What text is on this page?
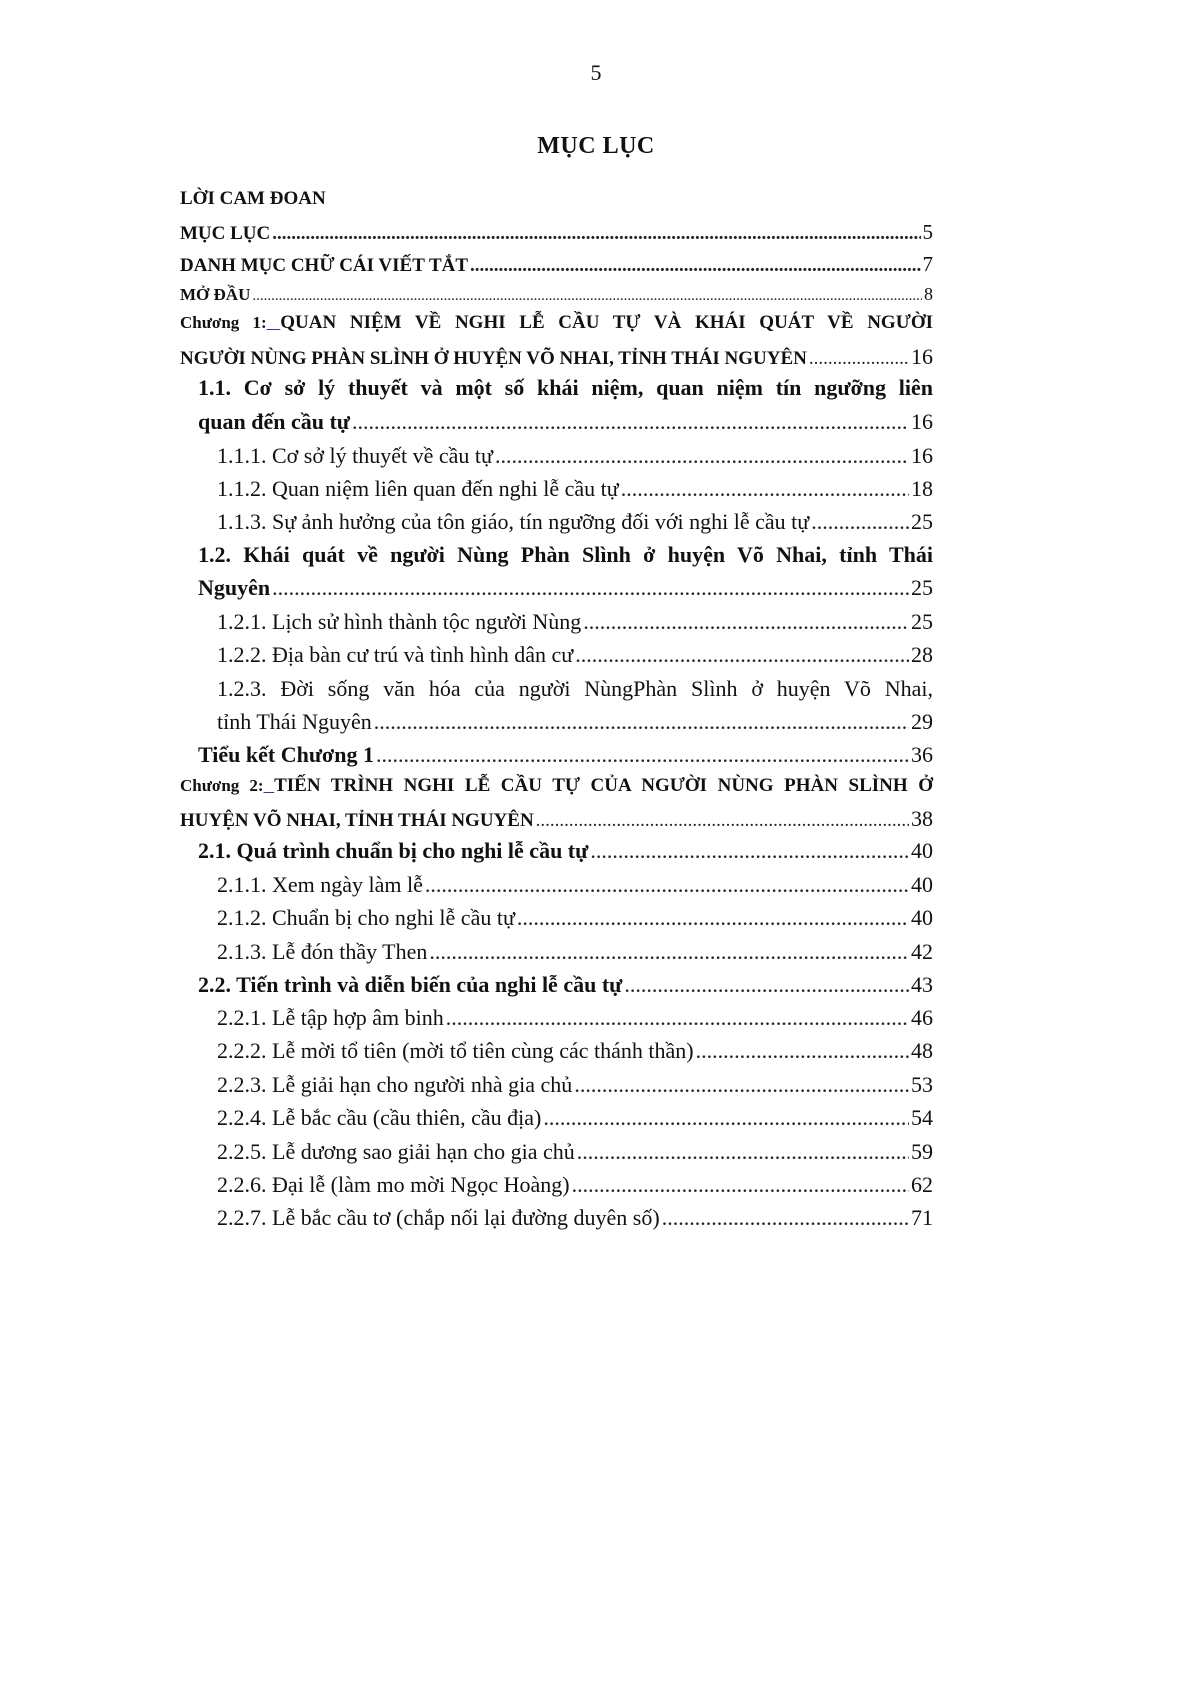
5
MỤC LỤC
LỜI CAM ĐOAN
MỤC LỤC .....	5
DANH MỤC CHỮ CÁI VIẾT TẮT .....	7
MỞ ĐẦU .....	8
Chương 1: QUAN NIỆM VỀ NGHI LỄ CẦU TỰ VÀ KHÁI QUÁT VỀ NGƯỜI
NGƯỜI NÙNG PHÀN SLÌNH Ở HUYỆN VÕ NHAI, TỈNH THÁI NGUYÊN .....	16
1.1. Cơ sở lý thuyết và một số khái niệm, quan niệm tín ngưỡng liên
quan đến cầu tự .....	16
1.1.1. Cơ sở lý thuyết về cầu tự .....	16
1.1.2. Quan niệm liên quan đến nghi lễ cầu tự .....	18
1.1.3. Sự ảnh hưởng của tôn giáo, tín ngưỡng đối với nghi lễ cầu tự .....	25
1.2. Khái quát về người Nùng Phàn Slình ở huyện Võ Nhai, tỉnh Thái
Nguyên .....	25
1.2.1. Lịch sử hình thành tộc người Nùng .....	25
1.2.2. Địa bàn cư trú và tình hình dân cư .....	28
1.2.3. Đời sống văn hóa của người NùngPhàn Slình ở huyện Võ Nhai,
tỉnh Thái Nguyên .....	29
Tiểu kết Chương 1 .....	36
Chương 2: TIẾN TRÌNH NGHI LỄ CẦU TỰ CỦA NGƯỜI NÙNG PHÀN SLÌNH Ở
HUYỆN VÕ NHAI, TỈNH THÁI NGUYÊN .....	38
2.1. Quá trình chuẩn bị cho nghi lễ cầu tự .....	40
2.1.1. Xem ngày làm lễ .....	40
2.1.2. Chuẩn bị cho nghi lễ cầu tự .....	40
2.1.3. Lễ đón thầy Then .....	42
2.2. Tiến trình và diễn biến của nghi lễ cầu tự .....	43
2.2.1. Lễ tập hợp âm binh .....	46
2.2.2. Lễ mời tổ tiên (mời tổ tiên cùng các thánh thần) .....	48
2.2.3. Lễ giải hạn cho người nhà gia chủ .....	53
2.2.4. Lễ bắc cầu (cầu thiên, cầu địa) .....	54
2.2.5. Lễ dương sao giải hạn cho gia chủ .....	59
2.2.6. Đại lễ (làm mo mời Ngọc Hoàng) .....	62
2.2.7. Lễ bắc cầu tơ (chắp nối lại đường duyên số) .....	71
